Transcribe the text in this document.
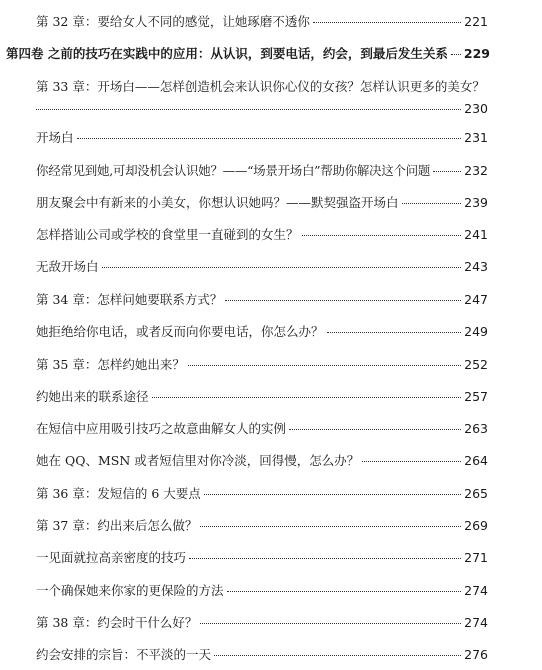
第 32 章：要给女人不同的感觉，让她琢磨不透你	221
第四卷 之前的技巧在实践中的应用：从认识，到要电话，约会，到最后发生关系 229
第 33 章：开场白——怎样创造机会来认识你心仪的女孩？怎样认识更多的美女？
230
开场白	231
你经常见到她,可却没机会认识她？——“场景开场白”帮助你解决这个问题	232
朋友聚会中有新来的小美女，你想认识她吗？——默契强盗开场白	239
怎样搭讪公司或学校的食堂里一直碰到的女生？	241
无敌开场白	243
第 34 章：怎样问她要联系方式？	247
她拒绝给你电话，或者反而向你要电话，你怎么办？	249
第 35 章：怎样约她出来？	252
约她出来的联系途径	257
在短信中应用吸引技巧之故意曲解女人的实例	263
她在 QQ、MSN 或者短信里对你冷淡，回得慢，怎么办？	264
第 36 章：发短信的 6 大要点	265
第 37 章：约出来后怎么做？	269
一见面就拉高亲密度的技巧	271
一个确保她来你家的更保险的方法	274
第 38 章：约会时干什么好？	274
约会安排的宗旨：不平淡的一天	276
